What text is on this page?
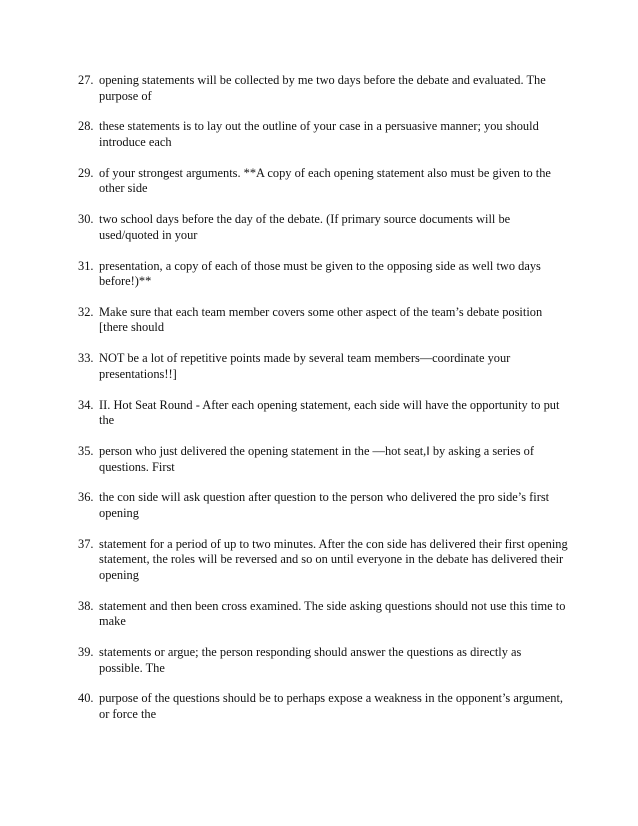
27. opening statements will be collected by me two days before the debate and evaluated. The purpose of
28. these statements is to lay out the outline of your case in a persuasive manner; you should introduce each
29. of your strongest arguments. **A copy of each opening statement also must be given to the other side
30. two school days before the day of the debate. (If primary source documents will be used/quoted in your
31. presentation, a copy of each of those must be given to the opposing side as well two days before!)**
32. Make sure that each team member covers some other aspect of the team’s debate position [there should
33. NOT be a lot of repetitive points made by several team members—coordinate your presentations!!]
34. II. Hot Seat Round - After each opening statement, each side will have the opportunity to put the
35. person who just delivered the opening statement in the ―hot seat,‖ by asking a series of questions. First
36. the con side will ask question after question to the person who delivered the pro side’s first opening
37. statement for a period of up to two minutes. After the con side has delivered their first opening statement, the roles will be reversed and so on until everyone in the debate has delivered their opening
38. statement and then been cross examined. The side asking questions should not use this time to make
39. statements or argue; the person responding should answer the questions as directly as possible. The
40. purpose of the questions should be to perhaps expose a weakness in the opponent’s argument, or force the
